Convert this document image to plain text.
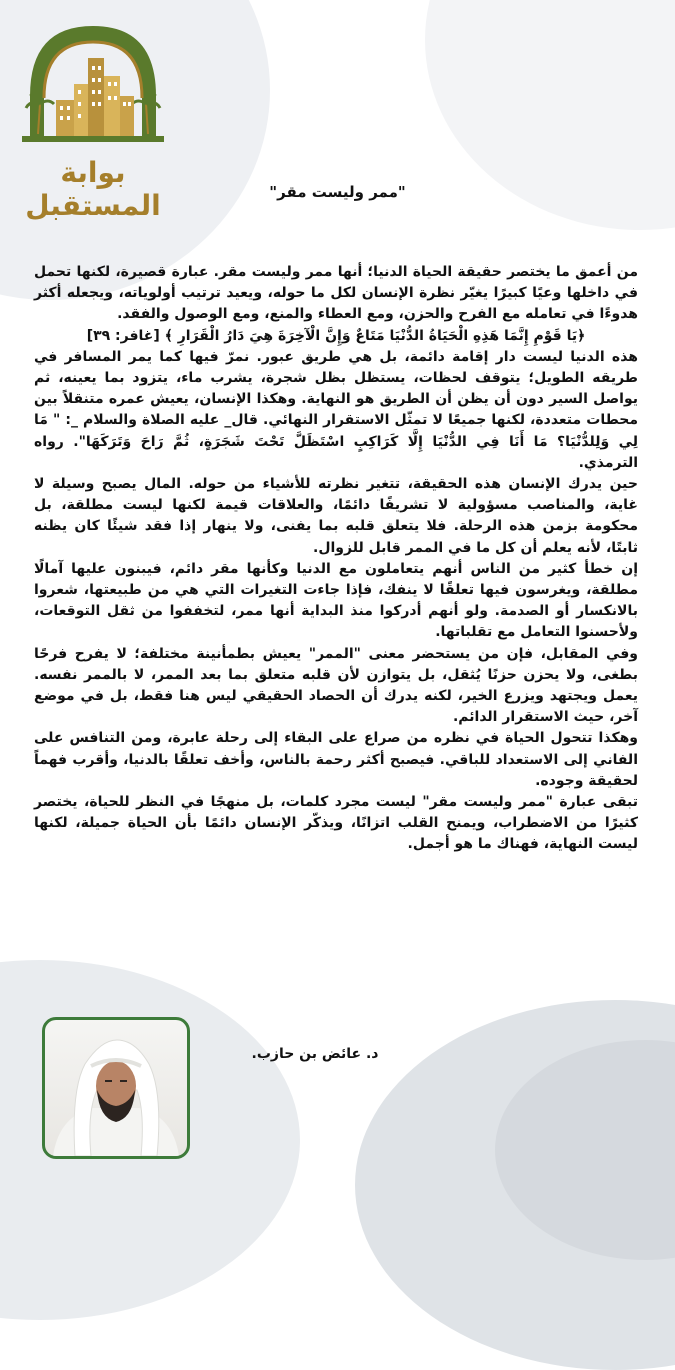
بوابة المستقبل	"ممر وليست مقر"

من أعمق ما يختصر حقيقة الحياة الدنيا؛ أنها ممر وليست مقر. عبارة قصيرة، لكنها تحمل في داخلها وعيًا كبيرًا يغيّر نظرة الإنسان لكل ما حوله، ويعيد ترتيب أولوياته، ويجعله أكثر هدوءًا في تعامله مع الفرح والحزن، ومع العطاء والمنع، ومع الوصول والفقد.

﴿يَا قَوْمِ إِنَّمَا هَذِهِ الْحَيَاةُ الدُّنْيَا مَتَاعٌ وَإِنَّ الْآخِرَةَ هِيَ دَارُ الْقَرَارِ ﴾ [غافر: ٣٩]

هذه الدنيا ليست دار إقامة دائمة، بل هي طريق عبور. نمرّ فيها كما يمر المسافر في طريقه الطويل؛ يتوقف لحظات، يستظل بظل شجرة، يشرب ماء، يتزود بما يعينه، ثم يواصل السير دون أن يظن أن الطريق هو النهاية. وهكذا الإنسان، يعيش عمره متنقلاً بين محطات متعددة، لكنها جميعًا لا تمثّل الاستقرار النهائي. قال_ عليه الصلاة والسلام _: " مَا لِي وَلِلدُّنْيَا؟ مَا أَنَا فِي الدُّنْيَا إِلَّا كَرَاكِبٍ اسْتَظَلَّ تَحْتَ شَجَرَةٍ، ثُمَّ رَاحَ وَتَرَكَهَا". رواه الترمذي.

حين يدرك الإنسان هذه الحقيقة، تتغير نظرته للأشياء من حوله. المال يصبح وسيلة لا غاية، والمناصب مسؤولية لا تشريفًا دائمًا، والعلاقات قيمة لكنها ليست مطلقة، بل محكومة بزمن هذه الرحلة. فلا يتعلق قلبه بما يفنى، ولا ينهار إذا فقد شيئًا كان يظنه ثابتًا، لأنه يعلم أن كل ما في الممر قابل للزوال.

إن خطأ كثير من الناس أنهم يتعاملون مع الدنيا وكأنها مقر دائم، فيبنون عليها آمالًا مطلقة، ويغرسون فيها تعلقًا لا ينفك، فإذا جاءت التغيرات التي هي من طبيعتها، شعروا بالانكسار أو الصدمة. ولو أنهم أدركوا منذ البداية أنها ممر، لتخففوا من ثقل التوقعات، ولأحسنوا التعامل مع تقلباتها.

وفي المقابل، فإن من يستحضر معنى "الممر" يعيش بطمأنينة مختلفة؛ لا يفرح فرحًا بطغى، ولا يحزن حزنًا يُثقل، بل يتوازن لأن قلبه متعلق بما بعد الممر، لا بالممر نفسه. يعمل ويجتهد ويزرع الخير، لكنه يدرك أن الحصاد الحقيقي ليس هنا فقط، بل في موضع آخر، حيث الاستقرار الدائم.

وهكذا تتحول الحياة في نظره من صراع على البقاء إلى رحلة عابرة، ومن التنافس على الفاني إلى الاستعداد للباقي. فيصبح أكثر رحمة بالناس، وأخف تعلقًا بالدنيا، وأقرب فهماً لحقيقة وجوده.

تبقى عبارة "ممر وليست مقر" ليست مجرد كلمات، بل منهجًا في النظر للحياة، يختصر كثيرًا من الاضطراب، ويمنح القلب اتزانًا، ويذكّر الإنسان دائمًا بأن الحياة جميلة، لكنها ليست النهاية، فهناك ما هو أجمل.

د. عائض بن حازب.
